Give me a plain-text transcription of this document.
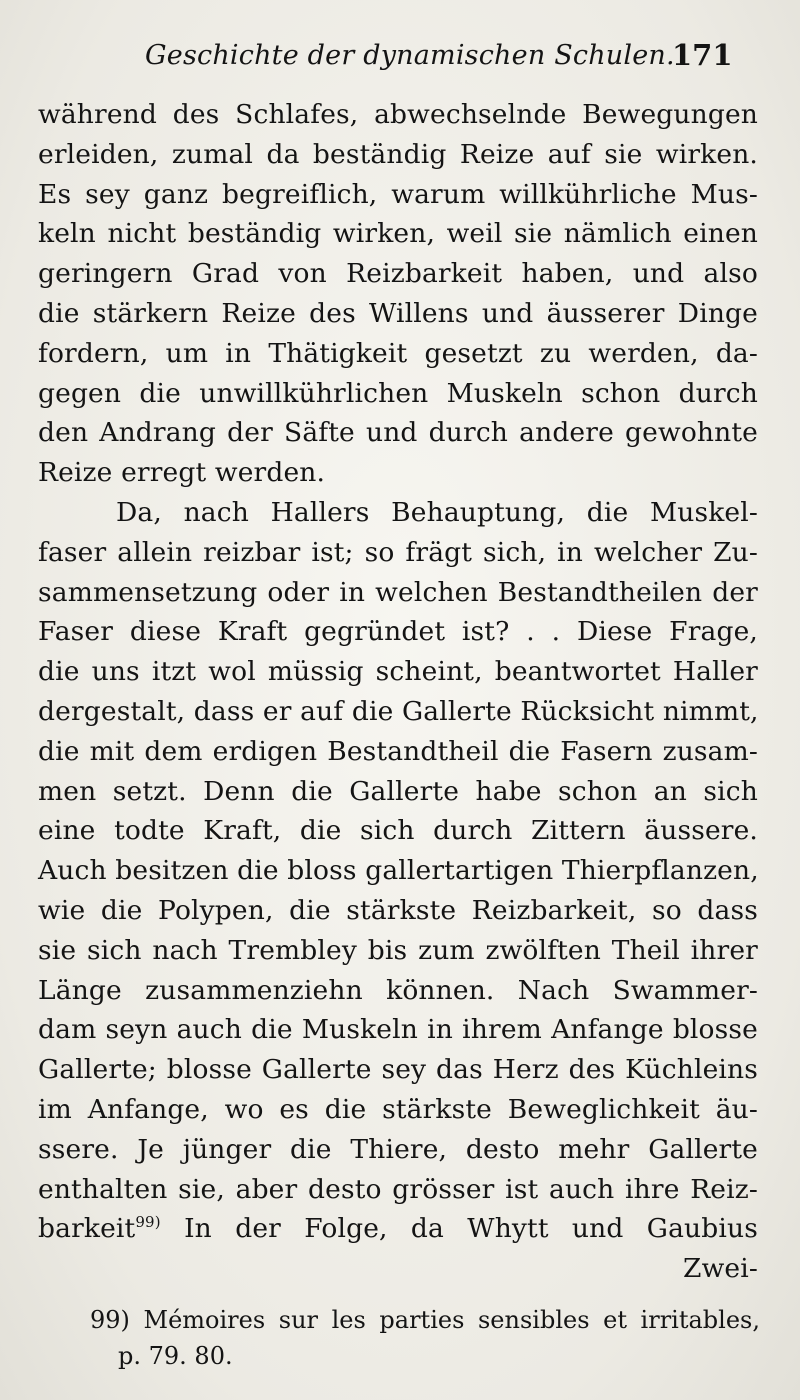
Geschichte der dynamischen Schulen.
171
während des Schlafes, abwechselnde Bewegungen
erleiden, zumal da beständig Reize auf sie wirken.
Es sey ganz begreiflich, warum willkührliche Mus-
keln nicht beständig wirken, weil sie nämlich einen
geringern Grad von Reizbarkeit haben, und also
die stärkern Reize des Willens und äusserer Dinge
fordern, um in Thätigkeit gesetzt zu werden, da-
gegen die unwillkührlichen Muskeln schon durch
den Andrang der Säfte und durch andere gewohnte
Reize erregt werden.
Da, nach Hallers Behauptung, die Muskel-
faser allein reizbar ist; so frägt sich, in welcher Zu-
sammensetzung oder in welchen Bestandtheilen der
Faser diese Kraft gegründet ist? . . Diese Frage,
die uns itzt wol müssig scheint, beantwortet Haller
dergestalt, dass er auf die Gallerte Rücksicht nimmt,
die mit dem erdigen Bestandtheil die Fasern zusam-
men setzt. Denn die Gallerte habe schon an sich
eine todte Kraft, die sich durch Zittern äussere.
Auch besitzen die bloss gallertartigen Thierpflanzen,
wie die Polypen, die stärkste Reizbarkeit, so dass
sie sich nach Trembley bis zum zwölften Theil ihrer
Länge zusammenziehn können. Nach Swammer-
dam seyn auch die Muskeln in ihrem Anfange blosse
Gallerte; blosse Gallerte sey das Herz des Küchleins
im Anfange, wo es die stärkste Beweglichkeit äu-
ssere. Je jünger die Thiere, desto mehr Gallerte
enthalten sie, aber desto grösser ist auch ihre Reiz-
barkeit$^{99)}$ In der Folge, da Whytt und Gaubius
Zwei-
99) Mémoires sur les parties sensibles et irritables,
p. 79. 80.
